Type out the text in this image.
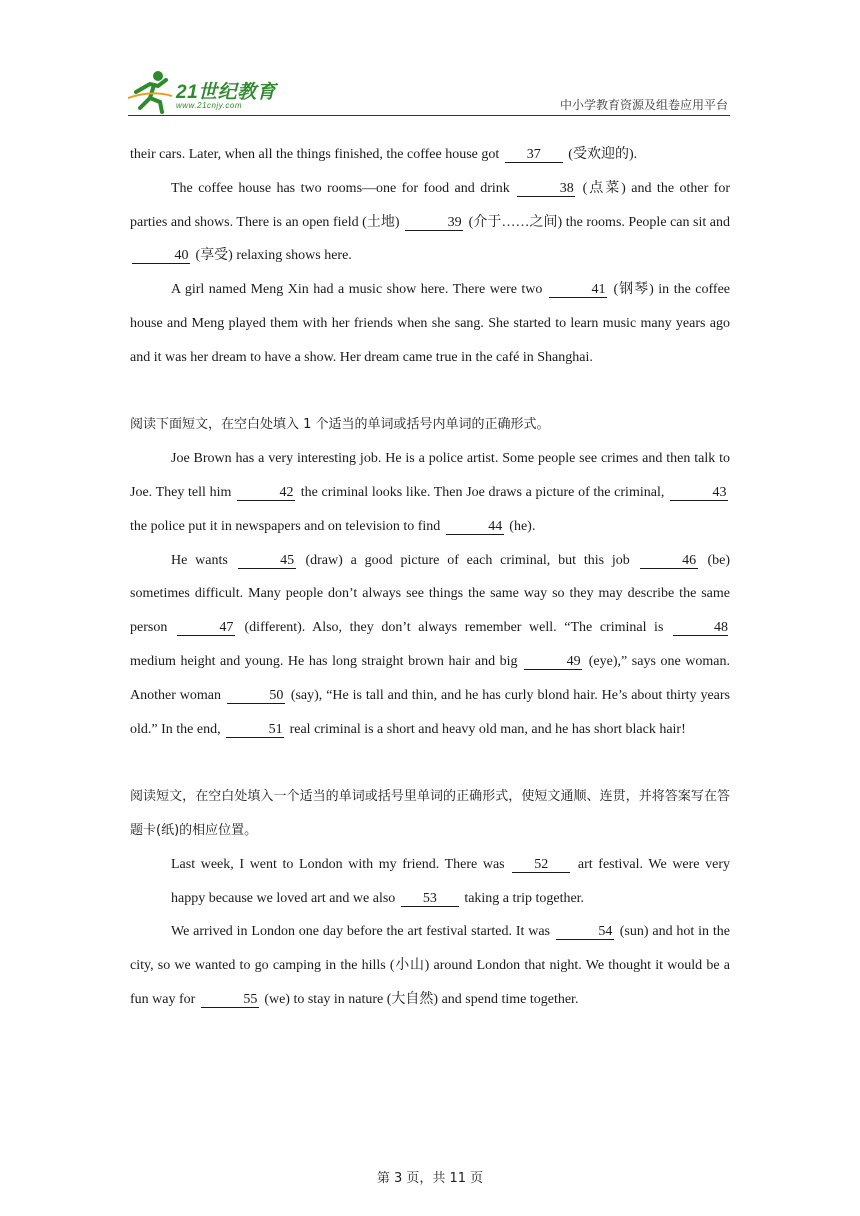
21世纪教育
www.21cnjy.com	中小学教育资源及组卷应用平台

their cars. Later, when all the things finished, the coffee house got 37 (受欢迎的).

The coffee house has two rooms—one for food and drink	38 (点菜) and the other for parties and shows. There is an open field (土地)	39 (介于……之间) the rooms. People can sit and 40 (享受) relaxing shows here.

A girl named Meng Xin had a music show here. There were two	41 (钢琴) in the coffee house and Meng played them with her friends when she sang. She started to learn music many years ago and it was her dream to have a show. Her dream came true in the café in Shanghai.

阅读下面短文，在空白处填入 1 个适当的单词或括号内单词的正确形式。

Joe Brown has a very interesting job. He is a police artist. Some people see crimes and then talk to Joe. They tell him	42 the criminal looks like. Then Joe draws a picture of the criminal,	43 the police put it in newspapers and on television to find	44 (he).

He wants	45 (draw) a good picture of each criminal, but this job	46 (be) sometimes difficult. Many people don’t always see things the same way so they may describe the same person	47 (different). Also, they don’t always remember well. “The criminal is	48 medium height and young. He has long straight brown hair and big	49 (eye),” says one woman. Another woman	50 (say), “He is tall and thin, and he has curly blond hair. He’s about thirty years old.” In the end,	51 real criminal is a short and heavy old man, and he has short black hair!

阅读短文，在空白处填入一个适当的单词或括号里单词的正确形式，使短文通顺、连贯，并将答案写在答题卡(纸)的相应位置。

Last week, I went to London with my friend. There was 52 art festival. We were very happy because we loved art and we also 53 taking a trip together.

We arrived in London one day before the art festival started. It was	54 (sun) and hot in the city, so we wanted to go camping in the hills (小山) around London that night. We thought it would be a fun way for	55 (we) to stay in nature (大自然) and spend time together.

第 3 页，共 11 页
